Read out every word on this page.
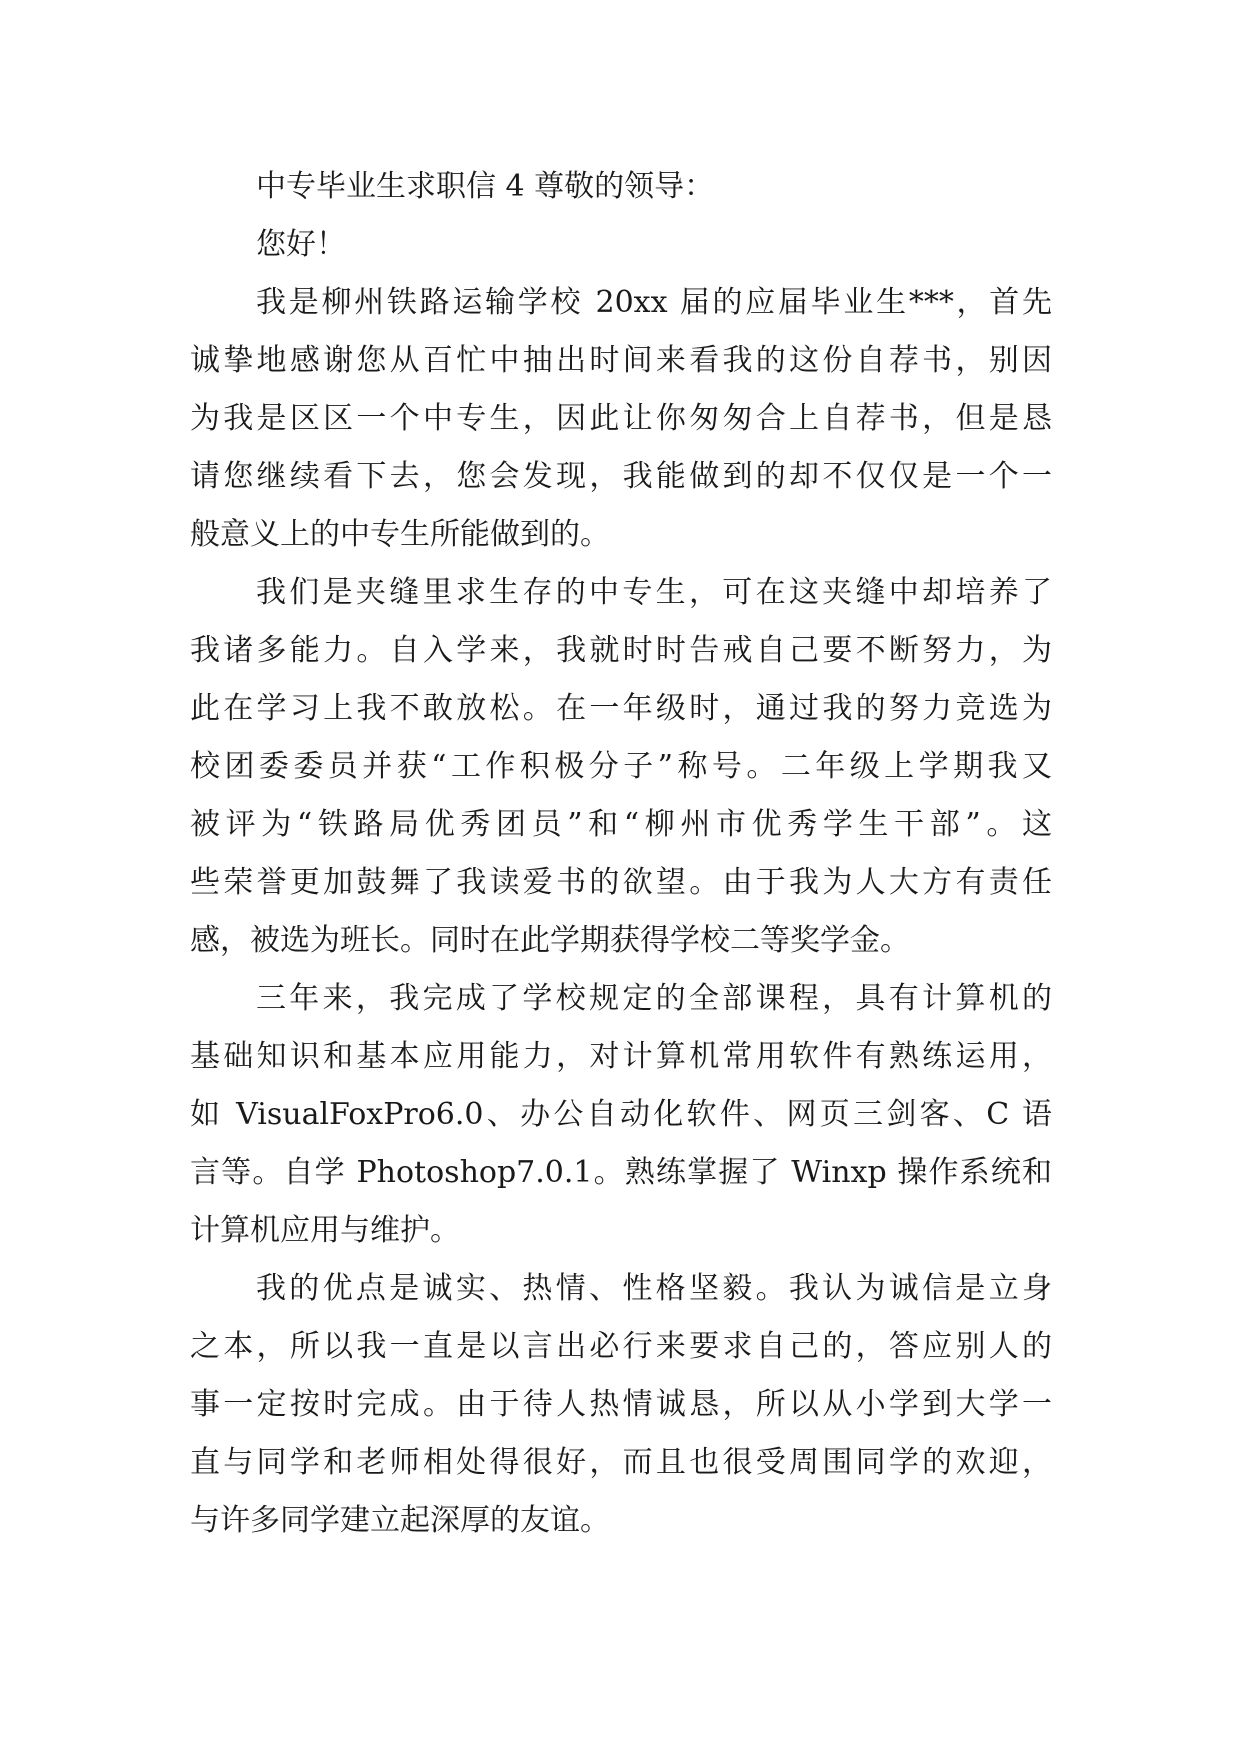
中专毕业生求职信 4 尊敬的领导：
您好！
我是柳州铁路运输学校 20xx 届的应届毕业生***，首先
诚挚地感谢您从百忙中抽出时间来看我的这份自荐书，别因
为我是区区一个中专生，因此让你匆匆合上自荐书，但是恳
请您继续看下去，您会发现，我能做到的却不仅仅是一个一
般意义上的中专生所能做到的。
我们是夹缝里求生存的中专生，可在这夹缝中却培养了
我诸多能力。自入学来，我就时时告戒自己要不断努力，为
此在学习上我不敢放松。在一年级时，通过我的努力竞选为
校团委委员并获“工作积极分子”称号。二年级上学期我又
被评为“铁路局优秀团员”和“柳州市优秀学生干部”。这
些荣誉更加鼓舞了我读爱书的欲望。由于我为人大方有责任
感，被选为班长。同时在此学期获得学校二等奖学金。
三年来，我完成了学校规定的全部课程，具有计算机的
基础知识和基本应用能力，对计算机常用软件有熟练运用，
如 VisualFoxPro6.0、办公自动化软件、网页三剑客、C 语
言等。自学 Photoshop7.0.1。熟练掌握了 Winxp 操作系统和
计算机应用与维护。
我的优点是诚实、热情、性格坚毅。我认为诚信是立身
之本，所以我一直是以言出必行来要求自己的，答应别人的
事一定按时完成。由于待人热情诚恳，所以从小学到大学一
直与同学和老师相处得很好，而且也很受周围同学的欢迎，
与许多同学建立起深厚的友谊。
